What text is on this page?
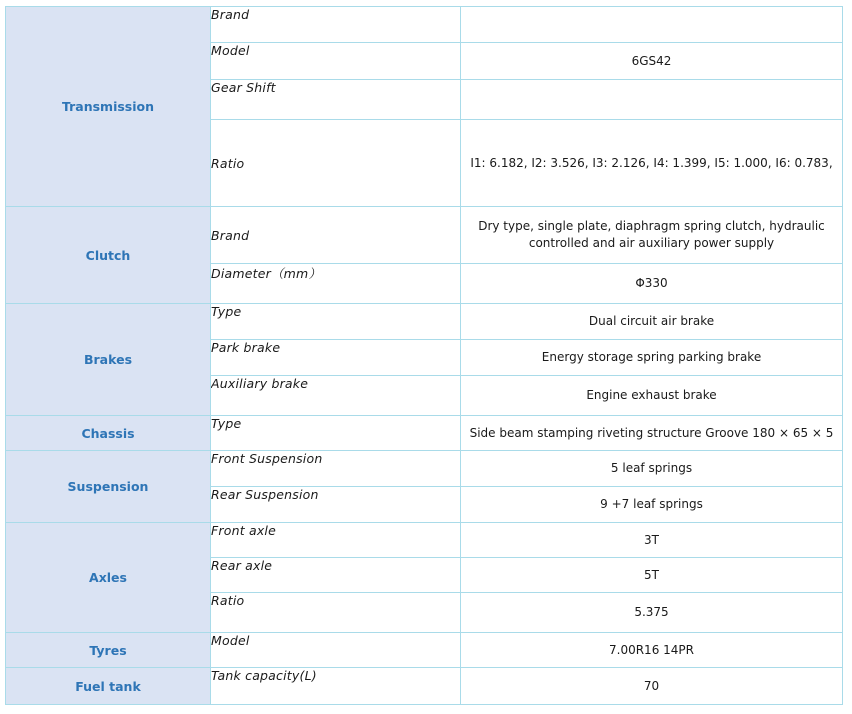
Transmission	Brand	
	Model	6GS42
	Gear Shift	
	Ratio	I1: 6.182, I2: 3.526, I3: 2.126, I4: 1.399, I5: 1.000, I6: 0.783,
Clutch	Brand	Dry type, single plate, diaphragm spring clutch, hydraulic controlled and air auxiliary power supply
	Diameter（mm）	Φ330
Brakes	Type	Dual circuit air brake
	Park brake	Energy storage spring parking brake
	Auxiliary brake	Engine exhaust brake
Chassis	Type	Side beam stamping riveting structure Groove 180 × 65 × 5
Suspension	Front Suspension	5 leaf springs
	Rear Suspension	9 +7 leaf springs
Axles	Front axle	3T
	Rear axle	5T
	Ratio	5.375
Tyres	Model	7.00R16 14PR
Fuel tank	Tank capacity(L)	70
